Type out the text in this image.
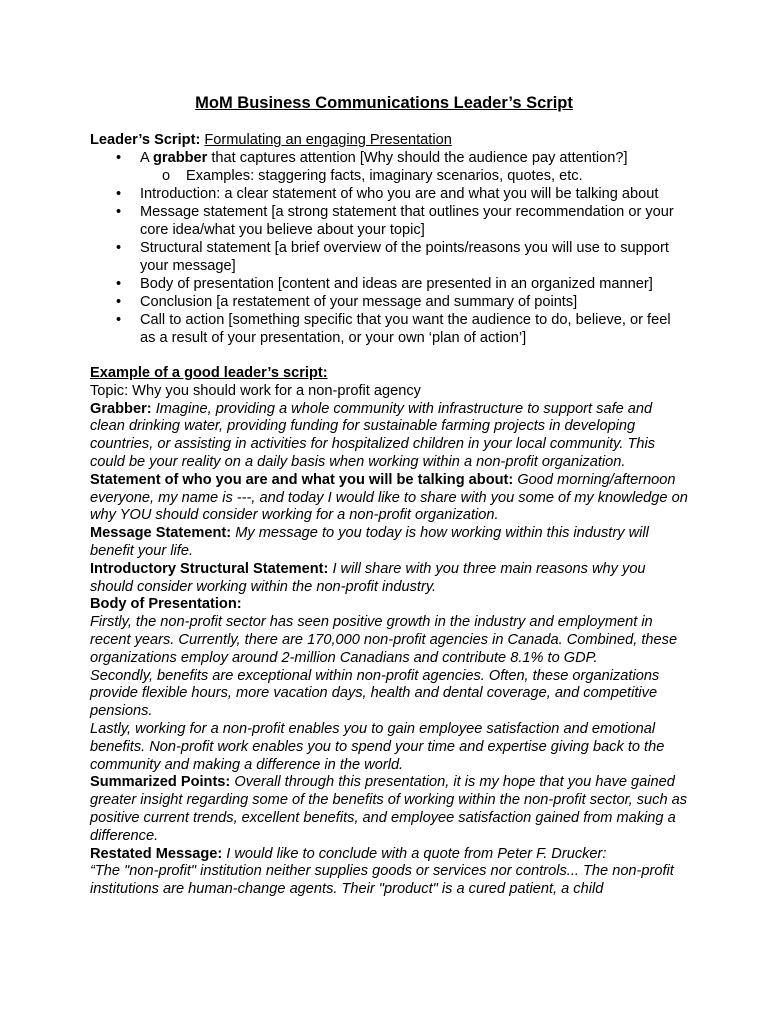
MoM Business Communications Leader’s Script
Leader’s Script: Formulating an engaging Presentation
• A grabber that captures attention [Why should the audience pay attention?]
o Examples: staggering facts, imaginary scenarios, quotes, etc.
• Introduction: a clear statement of who you are and what you will be talking about
• Message statement [a strong statement that outlines your recommendation or your core idea/what you believe about your topic]
• Structural statement [a brief overview of the points/reasons you will use to support your message]
• Body of presentation [content and ideas are presented in an organized manner]
• Conclusion [a restatement of your message and summary of points]
• Call to action [something specific that you want the audience to do, believe, or feel as a result of your presentation, or your own ‘plan of action’]

Example of a good leader’s script:

Topic: Why you should work for a non-profit agency

Grabber: Imagine, providing a whole community with infrastructure to support safe and clean drinking water, providing funding for sustainable farming projects in developing countries, or assisting in activities for hospitalized children in your local community. This could be your reality on a daily basis when working within a non-profit organization.

Statement of who you are and what you will be talking about: Good morning/afternoon everyone, my name is ---, and today I would like to share with you some of my knowledge on why YOU should consider working for a non-profit organization.

Message Statement: My message to you today is how working within this industry will benefit your life.

Introductory Structural Statement: I will share with you three main reasons why you should consider working within the non-profit industry.

Body of Presentation:

Firstly, the non-profit sector has seen positive growth in the industry and employment in recent years. Currently, there are 170,000 non-profit agencies in Canada. Combined, these organizations employ around 2-million Canadians and contribute 8.1% to GDP.

Secondly, benefits are exceptional within non-profit agencies. Often, these organizations provide flexible hours, more vacation days, health and dental coverage, and competitive pensions.

Lastly, working for a non-profit enables you to gain employee satisfaction and emotional benefits. Non-profit work enables you to spend your time and expertise giving back to the community and making a difference in the world.

Summarized Points: Overall through this presentation, it is my hope that you have gained greater insight regarding some of the benefits of working within the non-profit sector, such as positive current trends, excellent benefits, and employee satisfaction gained from making a difference.

Restated Message: I would like to conclude with a quote from Peter F. Drucker:

“The "non-profit" institution neither supplies goods or services nor controls... The non-profit institutions are human-change agents. Their "product" is a cured patient, a child
